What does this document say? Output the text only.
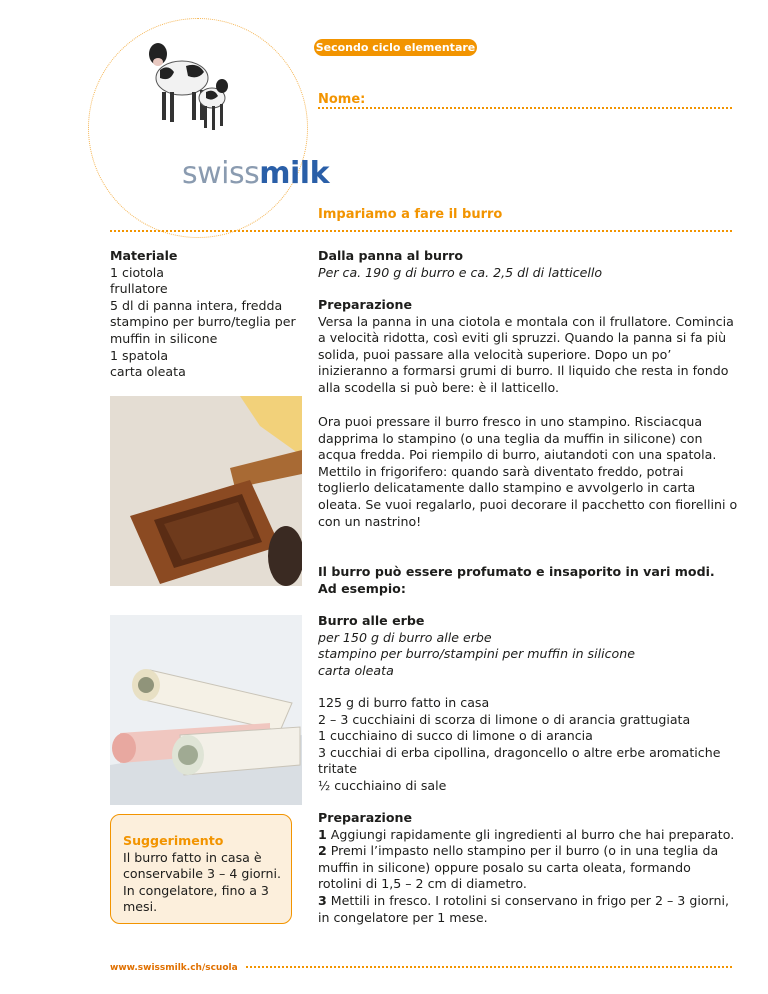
Secondo ciclo elementare
Nome:
swissmilk
Impariamo a fare il burro

Materiale

1 ciotola

frullatore

5 dl di panna intera, fredda

stampino per burro/teglia per muffin in silicone

1 spatola

carta oleata

Suggerimento

Il burro fatto in casa è conservabile 3 – 4 giorni. In congelatore, fino a 3 mesi.

Dalla panna al burro

Per ca. 190 g di burro e ca. 2,5 dl di latticello

Preparazione

Versa la panna in una ciotola e montala con il frullatore. Comincia a velocità ridotta, così eviti gli spruzzi. Quando la panna si fa più solida, puoi passare alla velocità superiore. Dopo un po’ inizieranno a formarsi grumi di burro. Il liquido che resta in fondo alla scodella si può bere: è il latticello.

Ora puoi pressare il burro fresco in uno stampino. Risciacqua dapprima lo stampino (o una teglia da muffin in silicone) con acqua fredda. Poi riempilo di burro, aiutandoti con una spatola. Mettilo in frigorifero: quando sarà diventato freddo, potrai toglierlo delicatamente dallo stampino e avvolgerlo in carta oleata. Se vuoi regalarlo, puoi decorare il pacchetto con fiorellini o con un nastrino!

Il burro può essere profumato e insaporito in vari modi.

Ad esempio:

Burro alle erbe

per 150 g di burro alle erbe

stampino per burro/stampini per muffin in silicone

carta oleata

125 g di burro fatto in casa

2 – 3 cucchiaini di scorza di limone o di arancia grattugiata

1 cucchiaino di succo di limone o di arancia

3 cucchiai di erba cipollina, dragoncello o altre erbe aromatiche tritate

½ cucchiaino di sale

Preparazione

1 Aggiungi rapidamente gli ingredienti al burro che hai preparato.

2 Premi l’impasto nello stampino per il burro (o in una teglia da muffin in silicone) oppure posalo su carta oleata, formando rotolini di 1,5 – 2 cm di diametro.

3 Mettili in fresco. I rotolini si conservano in frigo per 2 – 3 giorni, in congelatore per 1 mese.

www.swissmilk.ch/scuola
